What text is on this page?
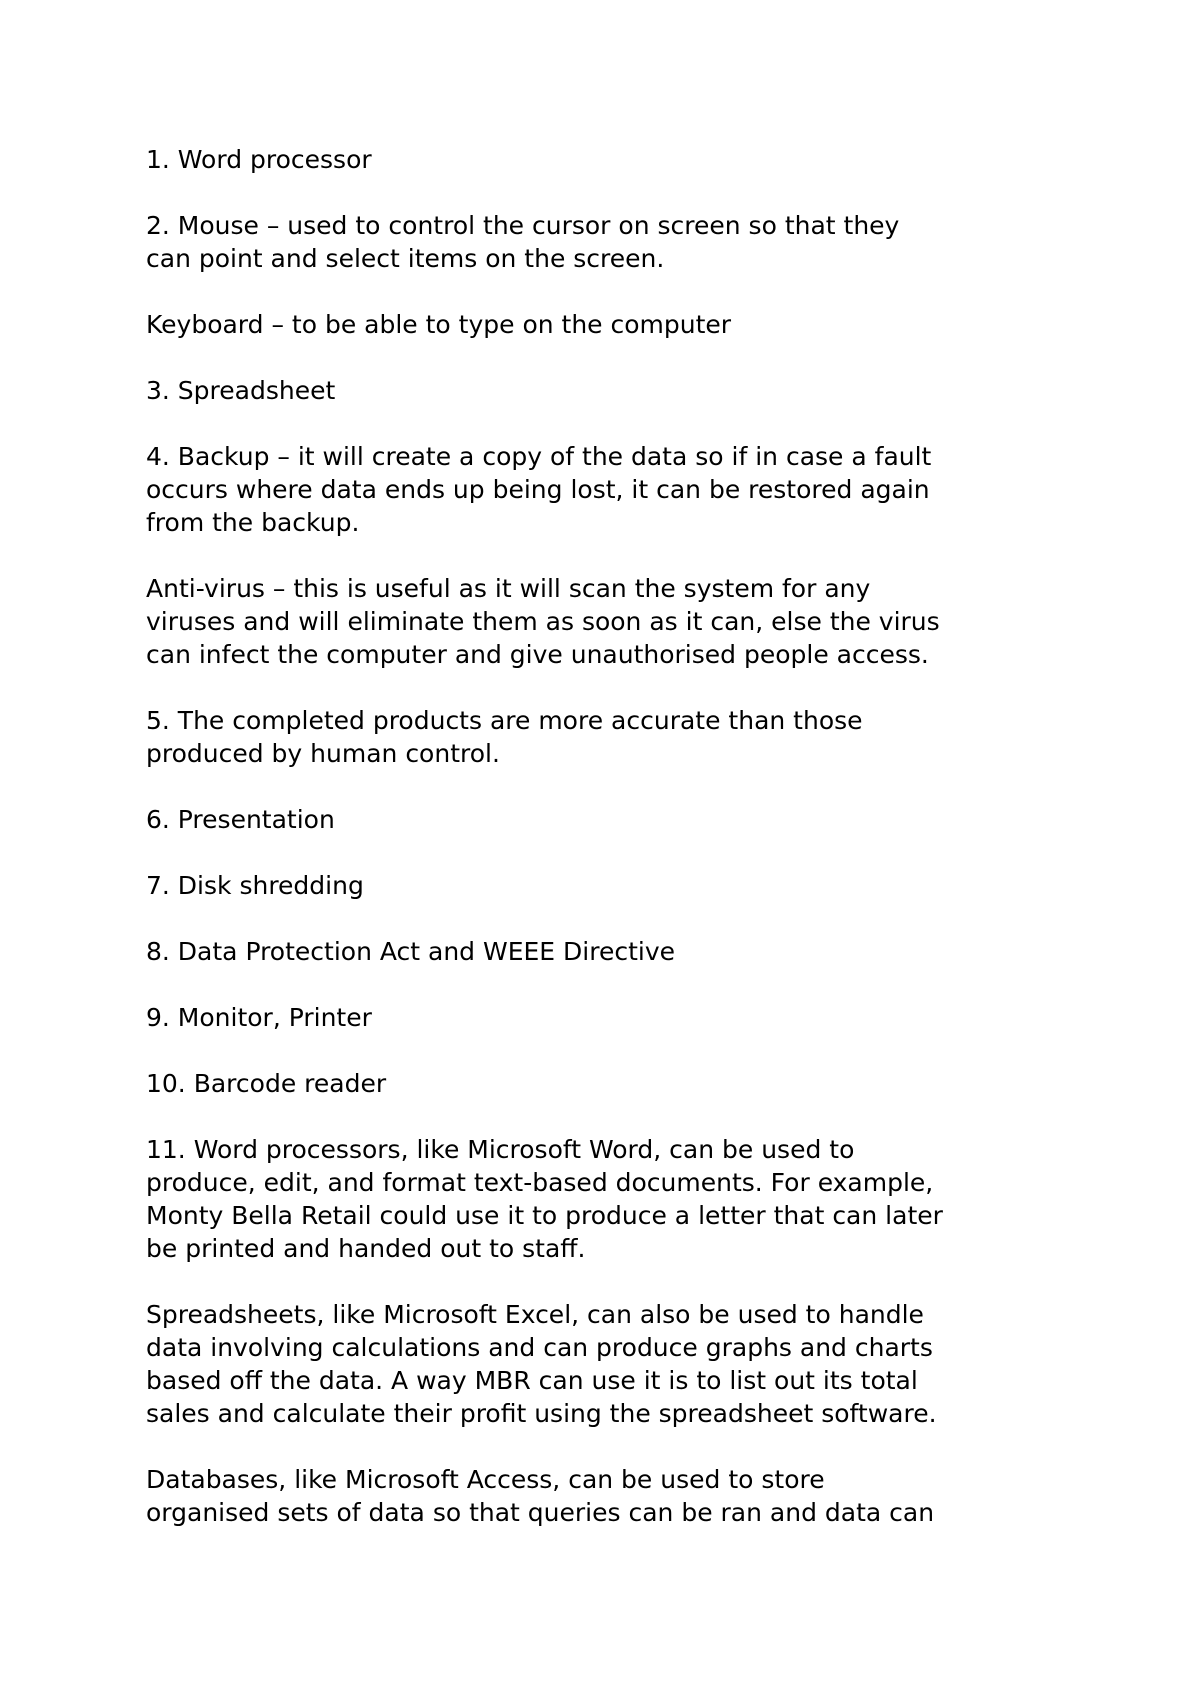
1. Word processor

2. Mouse – used to control the cursor on screen so that they
can point and select items on the screen.

Keyboard – to be able to type on the computer

3. Spreadsheet

4. Backup – it will create a copy of the data so if in case a fault
occurs where data ends up being lost, it can be restored again
from the backup.

Anti-virus – this is useful as it will scan the system for any
viruses and will eliminate them as soon as it can, else the virus
can infect the computer and give unauthorised people access.

5. The completed products are more accurate than those
produced by human control.

6. Presentation

7. Disk shredding

8. Data Protection Act and WEEE Directive

9. Monitor, Printer

10. Barcode reader

11. Word processors, like Microsoft Word, can be used to
produce, edit, and format text-based documents. For example,
Monty Bella Retail could use it to produce a letter that can later
be printed and handed out to staff.

Spreadsheets, like Microsoft Excel, can also be used to handle
data involving calculations and can produce graphs and charts
based off the data. A way MBR can use it is to list out its total
sales and calculate their profit using the spreadsheet software.

Databases, like Microsoft Access, can be used to store
organised sets of data so that queries can be ran and data can
